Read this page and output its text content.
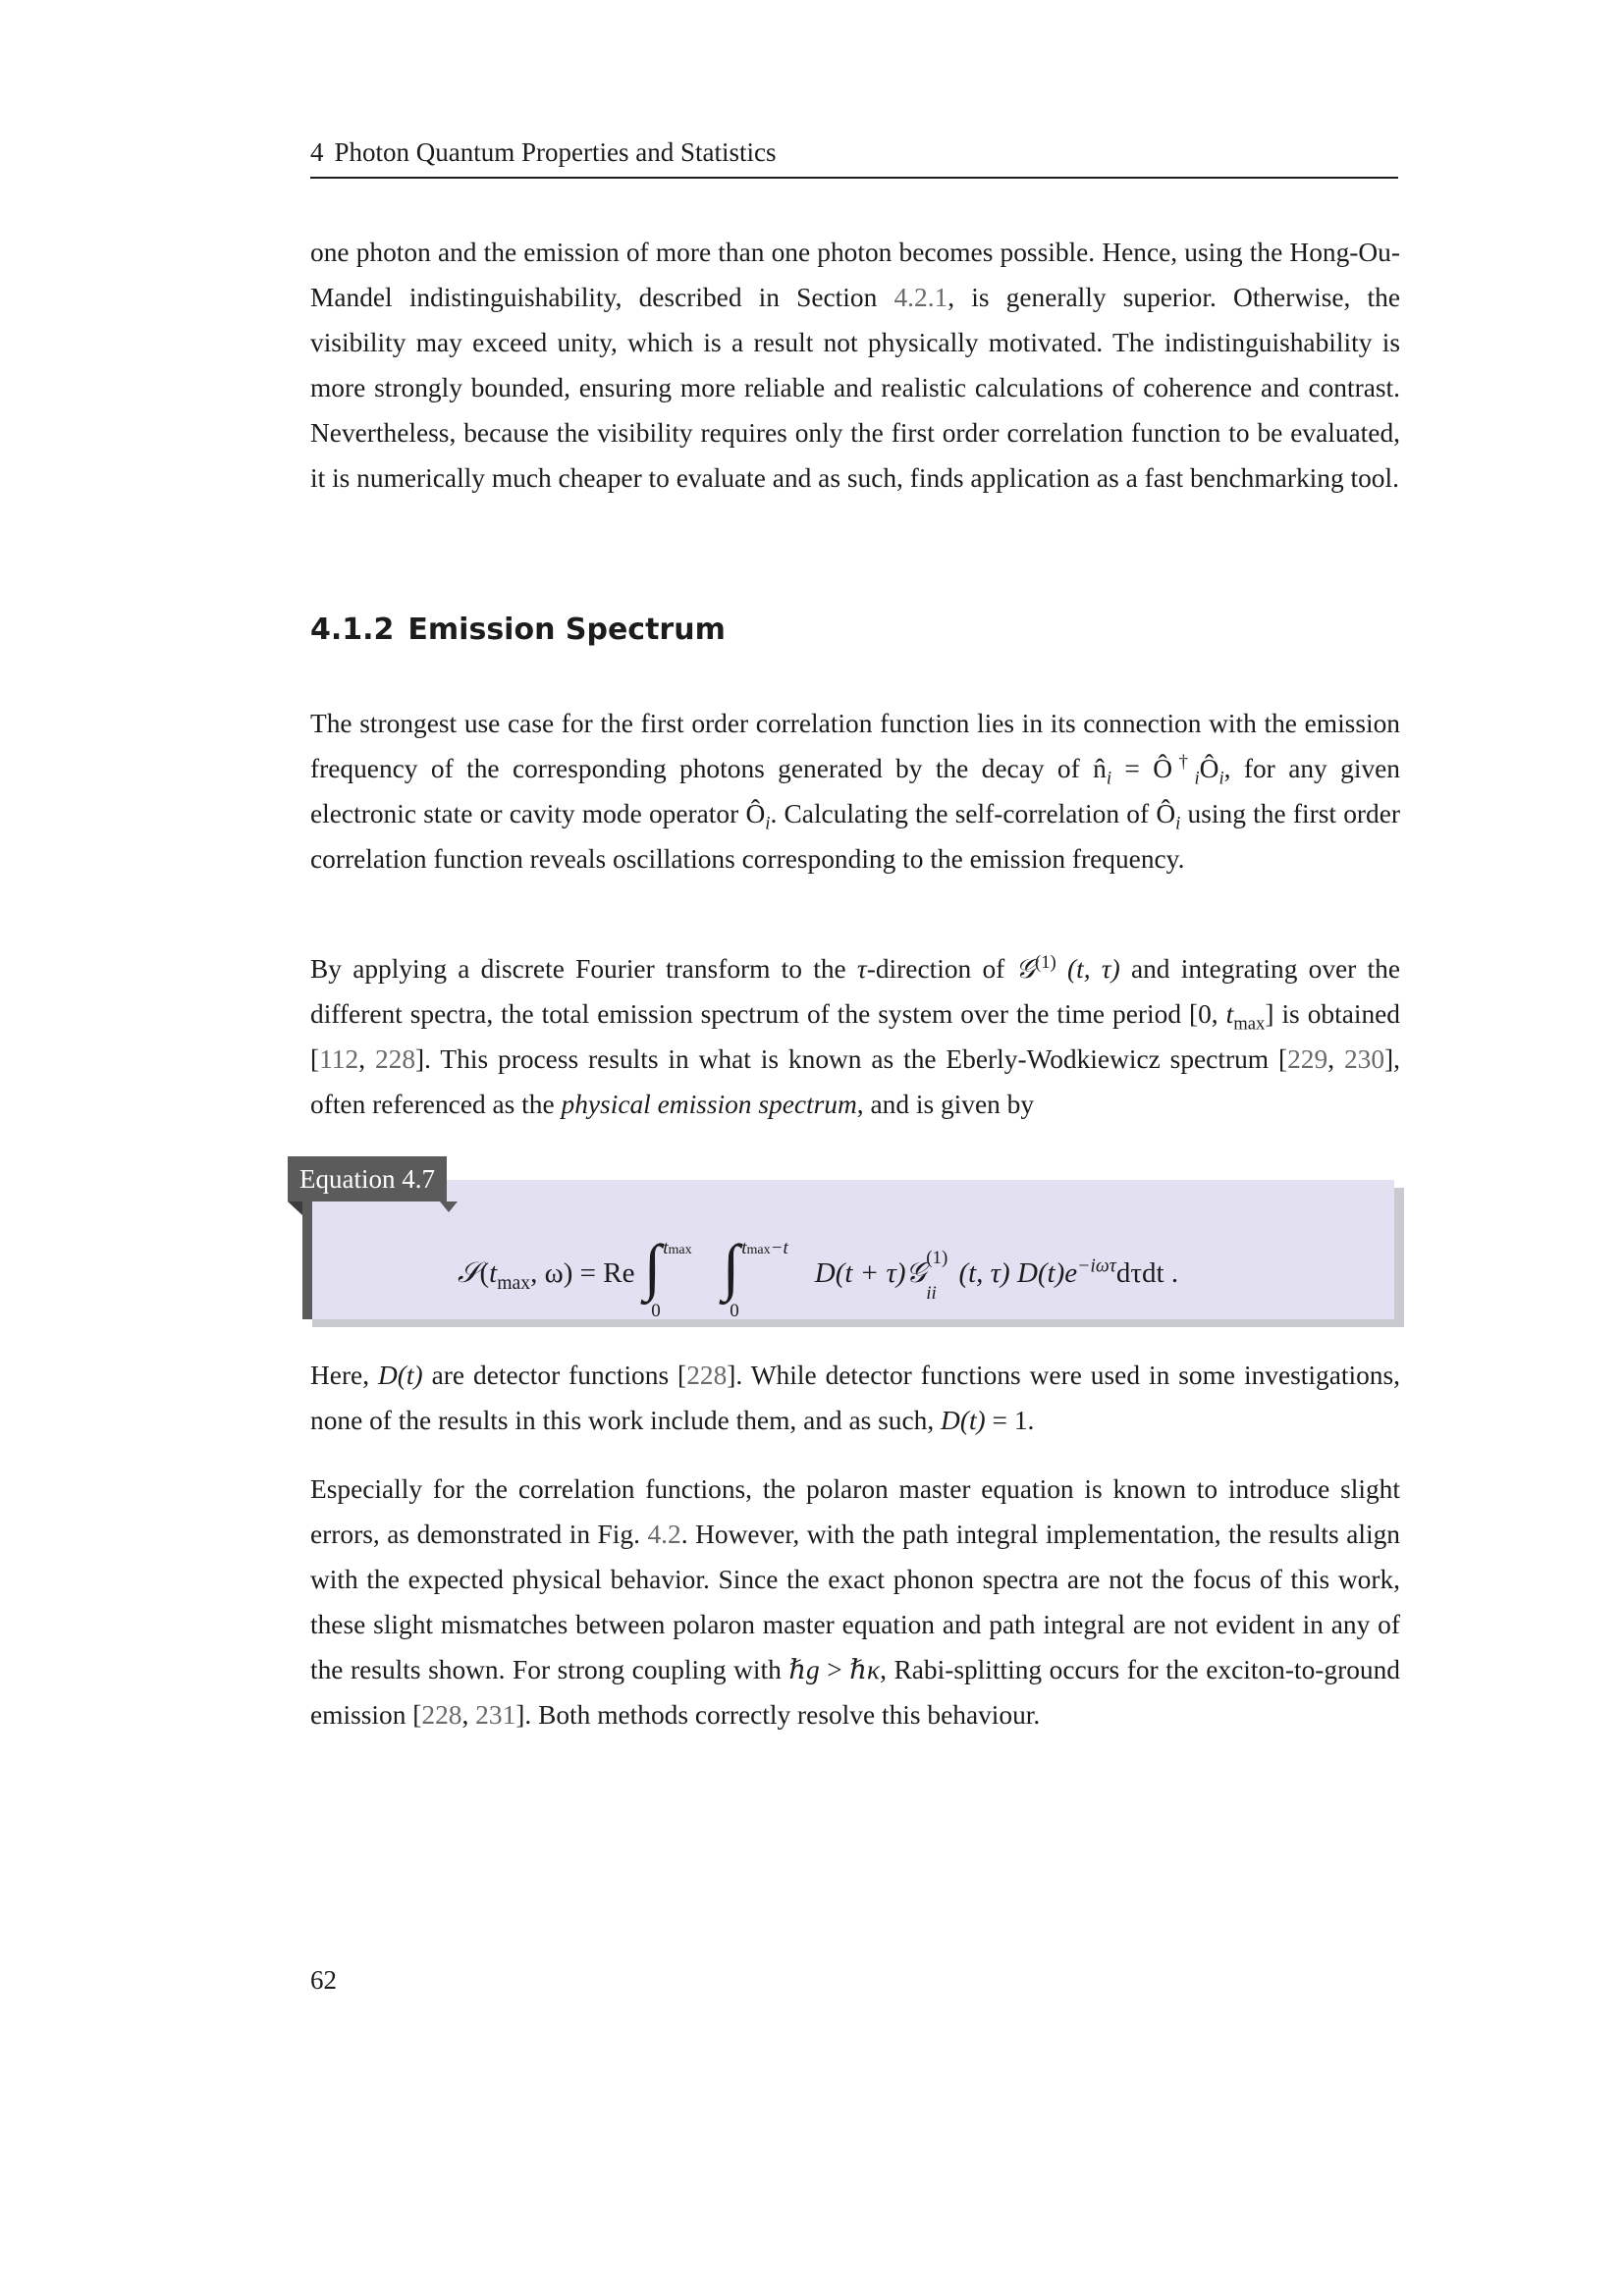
4 Photon Quantum Properties and Statistics

one photon and the emission of more than one photon becomes possible. Hence, using the Hong-Ou-Mandel indistinguishability, described in Section 4.2.1, is generally superior. Otherwise, the visibility may exceed unity, which is a result not physically motivated. The indistinguishability is more strongly bounded, ensuring more reliable and realistic calculations of coherence and contrast. Nevertheless, because the visibility requires only the first order correlation function to be evaluated, it is numerically much cheaper to evaluate and as such, finds application as a fast benchmarking tool.

4.1.2 Emission Spectrum

The strongest use case for the first order correlation function lies in its connection with the emission frequency of the corresponding photons generated by the decay of $n̂_i$ = $Ô^\dagger_iÔ_i$, for any given electronic state or cavity mode operator $Ô_i$. Calculating the self-correlation of $Ô_i$ using the first order correlation function reveals oscillations corresponding to the emission frequency.

By applying a discrete Fourier transform to the τ-direction of 𝒢$^{(1)}$ (t, τ) and integrating over the different spectra, the total emission spectrum of the system over the time period [0, $t_{max}$] is obtained [112, 228]. This process results in what is known as the Eberly-Wodkiewicz spectrum [229, 230], often referenced as the physical emission spectrum, and is given by

Equation 4.7
$𝒮(t_{max}$, ω) = Re ∫ tmax
0
∫ tmax−t
0
D(t + τ)𝒢 (1)
ii
(t, τ) $D(t)e^{-i\omega\tau}d\tau dt$ .

Here, D(t) are detector functions [228]. While detector functions were used in some investigations, none of the results in this work include them, and as such, D(t) = 1.

Especially for the correlation functions, the polaron master equation is known to introduce slight errors, as demonstrated in Fig. 4.2. However, with the path integral implementation, the results align with the expected physical behavior. Since the exact phonon spectra are not the focus of this work, these slight mismatches between polaron master equation and path integral are not evident in any of the results shown. For strong coupling with ℏg > ℏκ, Rabi-splitting occurs for the exciton-to-ground emission [228, 231]. Both methods correctly resolve this behaviour.

62
